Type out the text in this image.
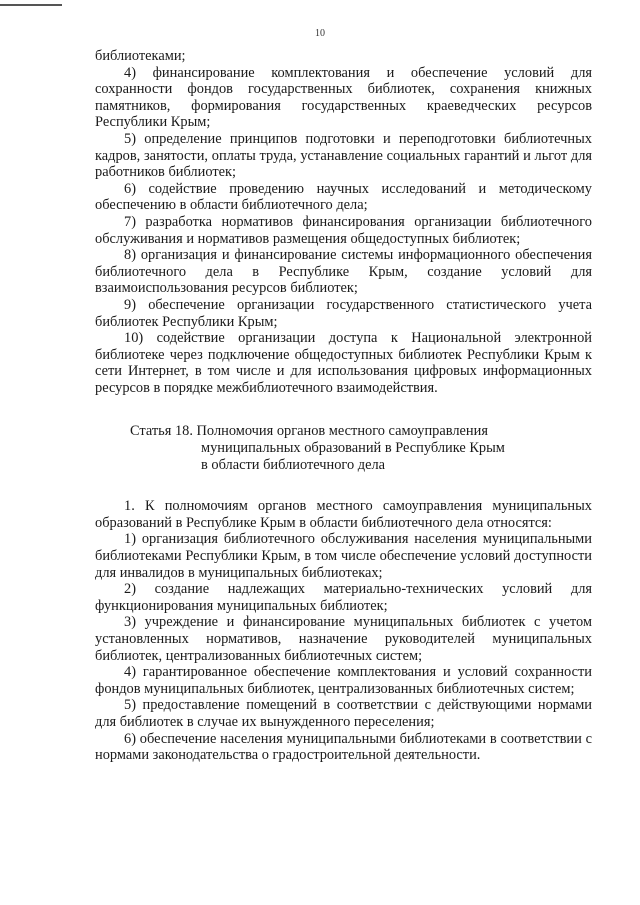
10

библиотеками;

4) финансирование комплектования и обеспечение условий для сохранности фондов государственных библиотек, сохранения книжных памятников, формирования государственных краеведческих ресурсов Республики Крым;

5) определение принципов подготовки и переподготовки библиотечных кадров, занятости, оплаты труда, устанавление социальных гарантий и льгот для работников библиотек;

6) содействие проведению научных исследований и методическому обеспечению в области библиотечного дела;

7) разработка нормативов финансирования организации библиотечного обслуживания и нормативов размещения общедоступных библиотек;

8) организация и финансирование системы информационного обеспечения библиотечного дела в Республике Крым, создание условий для взаимоиспользования ресурсов библиотек;

9) обеспечение организации государственного статистического учета библиотек Республики Крым;

10) содействие организации доступа к Национальной электронной библиотеке через подключение общедоступных библиотек Республики Крым к сети Интернет, в том числе и для использования цифровых информационных ресурсов в порядке межбиблиотечного взаимодействия.

Статья 18. Полномочия органов местного самоуправления
муниципальных образований в Республике Крым
в области библиотечного дела

1. К полномочиям органов местного самоуправления муниципальных образований в Республике Крым в области библиотечного дела относятся:

1) организация библиотечного обслуживания населения муниципальными библиотеками Республики Крым, в том числе обеспечение условий доступности для инвалидов в муниципальных библиотеках;

2) создание надлежащих материально-технических условий для функционирования муниципальных библиотек;

3) учреждение и финансирование муниципальных библиотек с учетом установленных нормативов, назначение руководителей муниципальных библиотек, централизованных библиотечных систем;

4) гарантированное обеспечение комплектования и условий сохранности фондов муниципальных библиотек, централизованных библиотечных систем;

5) предоставление помещений в соответствии с действующими нормами для библиотек в случае их вынужденного переселения;

6) обеспечение населения муниципальными библиотеками в соответствии с нормами законодательства о градостроительной деятельности.
